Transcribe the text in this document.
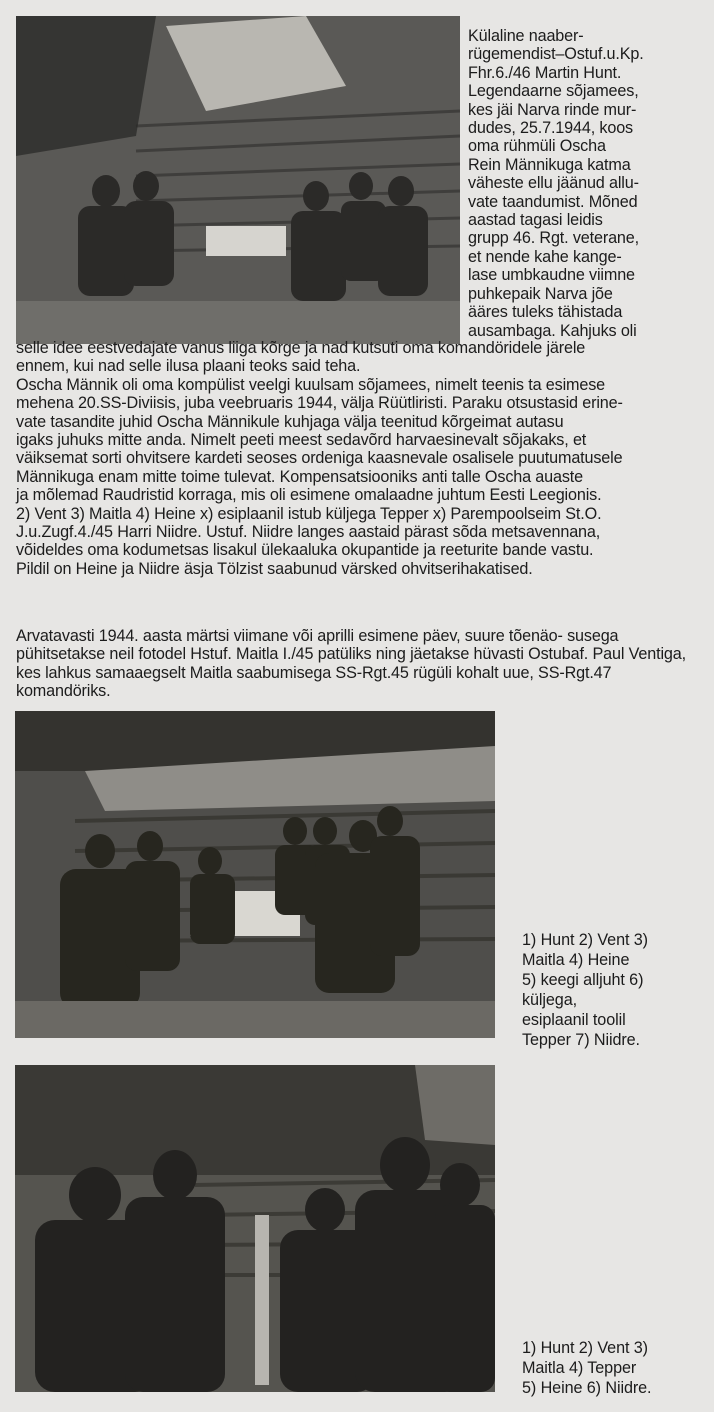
Külaline naaber-
rügemendist–Ostuf.u.Kp.
Fhr.6./46 Martin Hunt.
Legendaarne sõjamees,
kes jäi Narva rinde mur-
dudes, 25.7.1944, koos
oma rühmüli Oscha
Rein Männikuga katma
väheste ellu jäänud allu-
vate taandumist. Mõned
aastad tagasi leidis
grupp 46. Rgt. veterane,
et nende kahe kange-
lase umbkaudne viimne
puhkepaik Narva jõe
ääres tuleks tähistada
ausambaga. Kahjuks oli

selle idee eestvedajate vanus liiga kõrge ja nad kutsuti oma komandöridele järele
ennem, kui nad selle ilusa plaani teoks said teha.
Oscha Männik oli oma kompülist veelgi kuulsam sõjamees, nimelt teenis ta esimese
mehena 20.SS-Diviisis, juba veebruaris 1944, välja Rüütliristi. Paraku otsustasid erine-
vate tasandite juhid Oscha Männikule kuhjaga välja teenitud kõrgeimat autasu
igaks juhuks mitte anda. Nimelt peeti meest sedavõrd harvaesinevalt sõjakaks, et
väiksemat sorti ohvitsere kardeti seoses ordeniga kaasnevale osalisele puutumatusele
Männikuga enam mitte toime tulevat. Kompensatsiooniks anti talle Oscha auaste
ja mõlemad Raudristid korraga, mis oli esimene omalaadne juhtum Eesti Leegionis.
2) Vent 3) Maitla 4) Heine x) esiplaanil istub küljega Tepper x) Parempoolseim St.O.
J.u.Zugf.4./45 Harri Niidre. Ustuf. Niidre langes aastaid pärast sõda metsavennana,
võideldes oma kodumetsas lisakul ülekaaluka okupantide ja reeturite bande vastu.
Pildil on Heine ja Niidre äsja Tölzist saabunud värsked ohvitserihakatised.

Arvatavasti 1944. aasta märtsi viimane või aprilli esimene päev, suure tõenäo- susega pühitsetakse neil fotodel Hstuf. Maitla I./45 patüliks ning jäetakse hüvasti Ostubaf. Paul Ventiga, kes lahkus samaaegselt Maitla saabumisega SS-Rgt.45 rügüli kohalt uue, SS-Rgt.47 komandöriks.

1) Hunt 2) Vent 3)
Maitla 4) Heine
5) keegi alljuht 6)
küljega,
esiplaanil toolil
Tepper 7) Niidre.

1) Hunt 2) Vent 3)
Maitla 4) Tepper
5) Heine 6) Niidre.
